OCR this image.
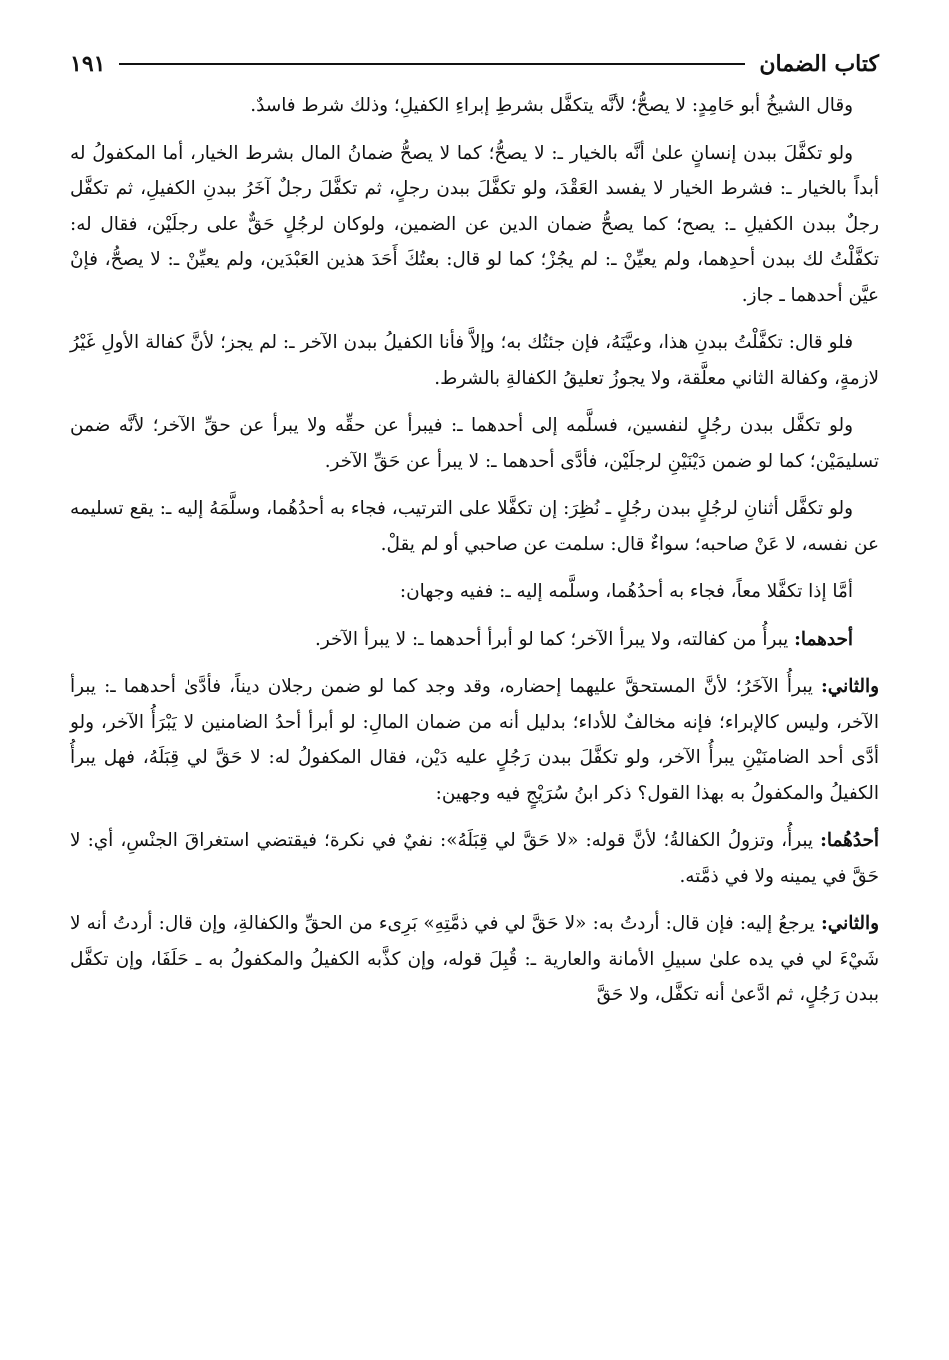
كتاب الضمان
١٩١

وقال الشيخُ أبو حَامِدٍ: لا يصحُّ؛ لأنَّه يتكفَّل بشرطِ إبراءِ الكفيلِ؛ وذلك شرط فاسدٌ.

ولو تكفَّلَ ببدن إنسانٍ علىٰ أنَّه بالخيار ـ: لا يصحُّ؛ كما لا يصحُّ ضمانُ المال بشرط الخيار، أما المكفولُ له أبداً بالخيار ـ: فشرط الخيار لا يفسد العَقْدَ، ولو تكفَّلَ ببدن رجلٍ، ثم تكفَّلَ رجلٌ آخَرُ ببدنِ الكفيلِ، ثم تكفَّل رجلٌ ببدن الكفيلِ ـ: يصح؛ كما يصحُّ ضمان الدين عن الضمين، ولوكان لرجُلٍ حَقٌّ على رجلَيْن، فقال له: تكفَّلْتُ لك ببدن أحدِهما، ولم يعيِّنْ ـ: لم يجُزْ؛ كما لو قال: بعتُكَ أَحَدَ هذين العَبْدَين، ولم يعيِّنْ ـ: لا يصحُّ، فإنْ عيَّن أحدهما ـ جاز.

فلو قال: تكفَّلْتُ ببدنِ هذا، وعيَّنَهُ، فإن جئتُك به؛ وإلاَّ فأنا الكفيلُ ببدن الآخر ـ: لم يجز؛ لأنَّ كفالة الأولِ غَيْرُ لازمةٍ، وكفالة الثاني معلَّقة، ولا يجوزُ تعليقُ الكفالةِ بالشرط.

ولو تكفَّل ببدن رجُلٍ لنفسين، فسلَّمه إلى أحدهما ـ: فيبرأ عن حقِّه ولا يبرأ عن حقِّ الآخر؛ لأنَّه ضمن تسليمَيْن؛ كما لو ضمن دَيْنَيْنِ لرجلَيْن، فأدَّى أحدهما ـ: لا يبرأ عن حَقِّ الآخر.

ولو تكفَّل أثنانِ لرجُلٍ ببدن رجُلٍ ـ نُظِرَ: إن تكفَّلا على الترتيب، فجاء به أحدُهُما، وسلَّمَهُ إليه ـ: يقع تسليمه عن نفسه، لا عَنْ صاحبه؛ سواءٌ قال: سلمت عن صاحبي أو لم يقلْ.

أمَّا إذا تكفَّلا معاً، فجاء به أحدُهُما، وسلَّمه إليه ـ: ففيه وجهان:

أحدهما: يبرأُ من كفالته، ولا يبرأ الآخر؛ كما لو أبرأ أحدهما ـ: لا يبرأ الآخر.

والثاني: يبرأُ الآخَرُ؛ لأنَّ المستحقَّ عليهما إحضاره، وقد وجد كما لو ضمن رجلان ديناً، فأدَّىٰ أحدهما ـ: يبرأ الآخر، وليس كالإبراء؛ فإنه مخالفٌ للأداء؛ بدليل أنه من ضمان المالِ: لو أبرأ أحدُ الضامنين لا يَبْرَأُ الآخر، ولو أدَّى أحد الضامنَيْنِ يبرأُ الآخر، ولو تكفَّلَ ببدن رَجُلٍ عليه دَيْن، فقال المكفولُ له: لا حَقَّ لي قِبَلَهُ، فهل يبرأُ الكفيلُ والمكفولُ به بهذا القول؟ ذكر ابنُ سُرَيْجٍ فيه وجهين:

أحدُهُما: يبرأُ، وتزولُ الكفالةُ؛ لأنَّ قوله: «لا حَقَّ لي قِبَلَهُ»: نفيٌ في نكرة؛ فيقتضي استغراقَ الجنْسِ، أي: لا حَقَّ في يمينه ولا في ذمَّته.

والثاني: يرجعُ إليه: فإن قال: أردتُ به: «لا حَقَّ لي في ذمَّتِهِ» بَرِىء من الحقِّ والكفالةِ، وإن قال: أردتُ أنه لا شَيْءَ لي في يده علىٰ سبيلِ الأمانة والعارية ـ: قُبِلَ قوله، وإن كذَّبه الكفيلُ والمكفولُ به ـ حَلَفَا، وإن تكفَّل ببدن رَجُلٍ، ثم ادَّعىٰ أنه تكفَّل، ولا حَقَّ
